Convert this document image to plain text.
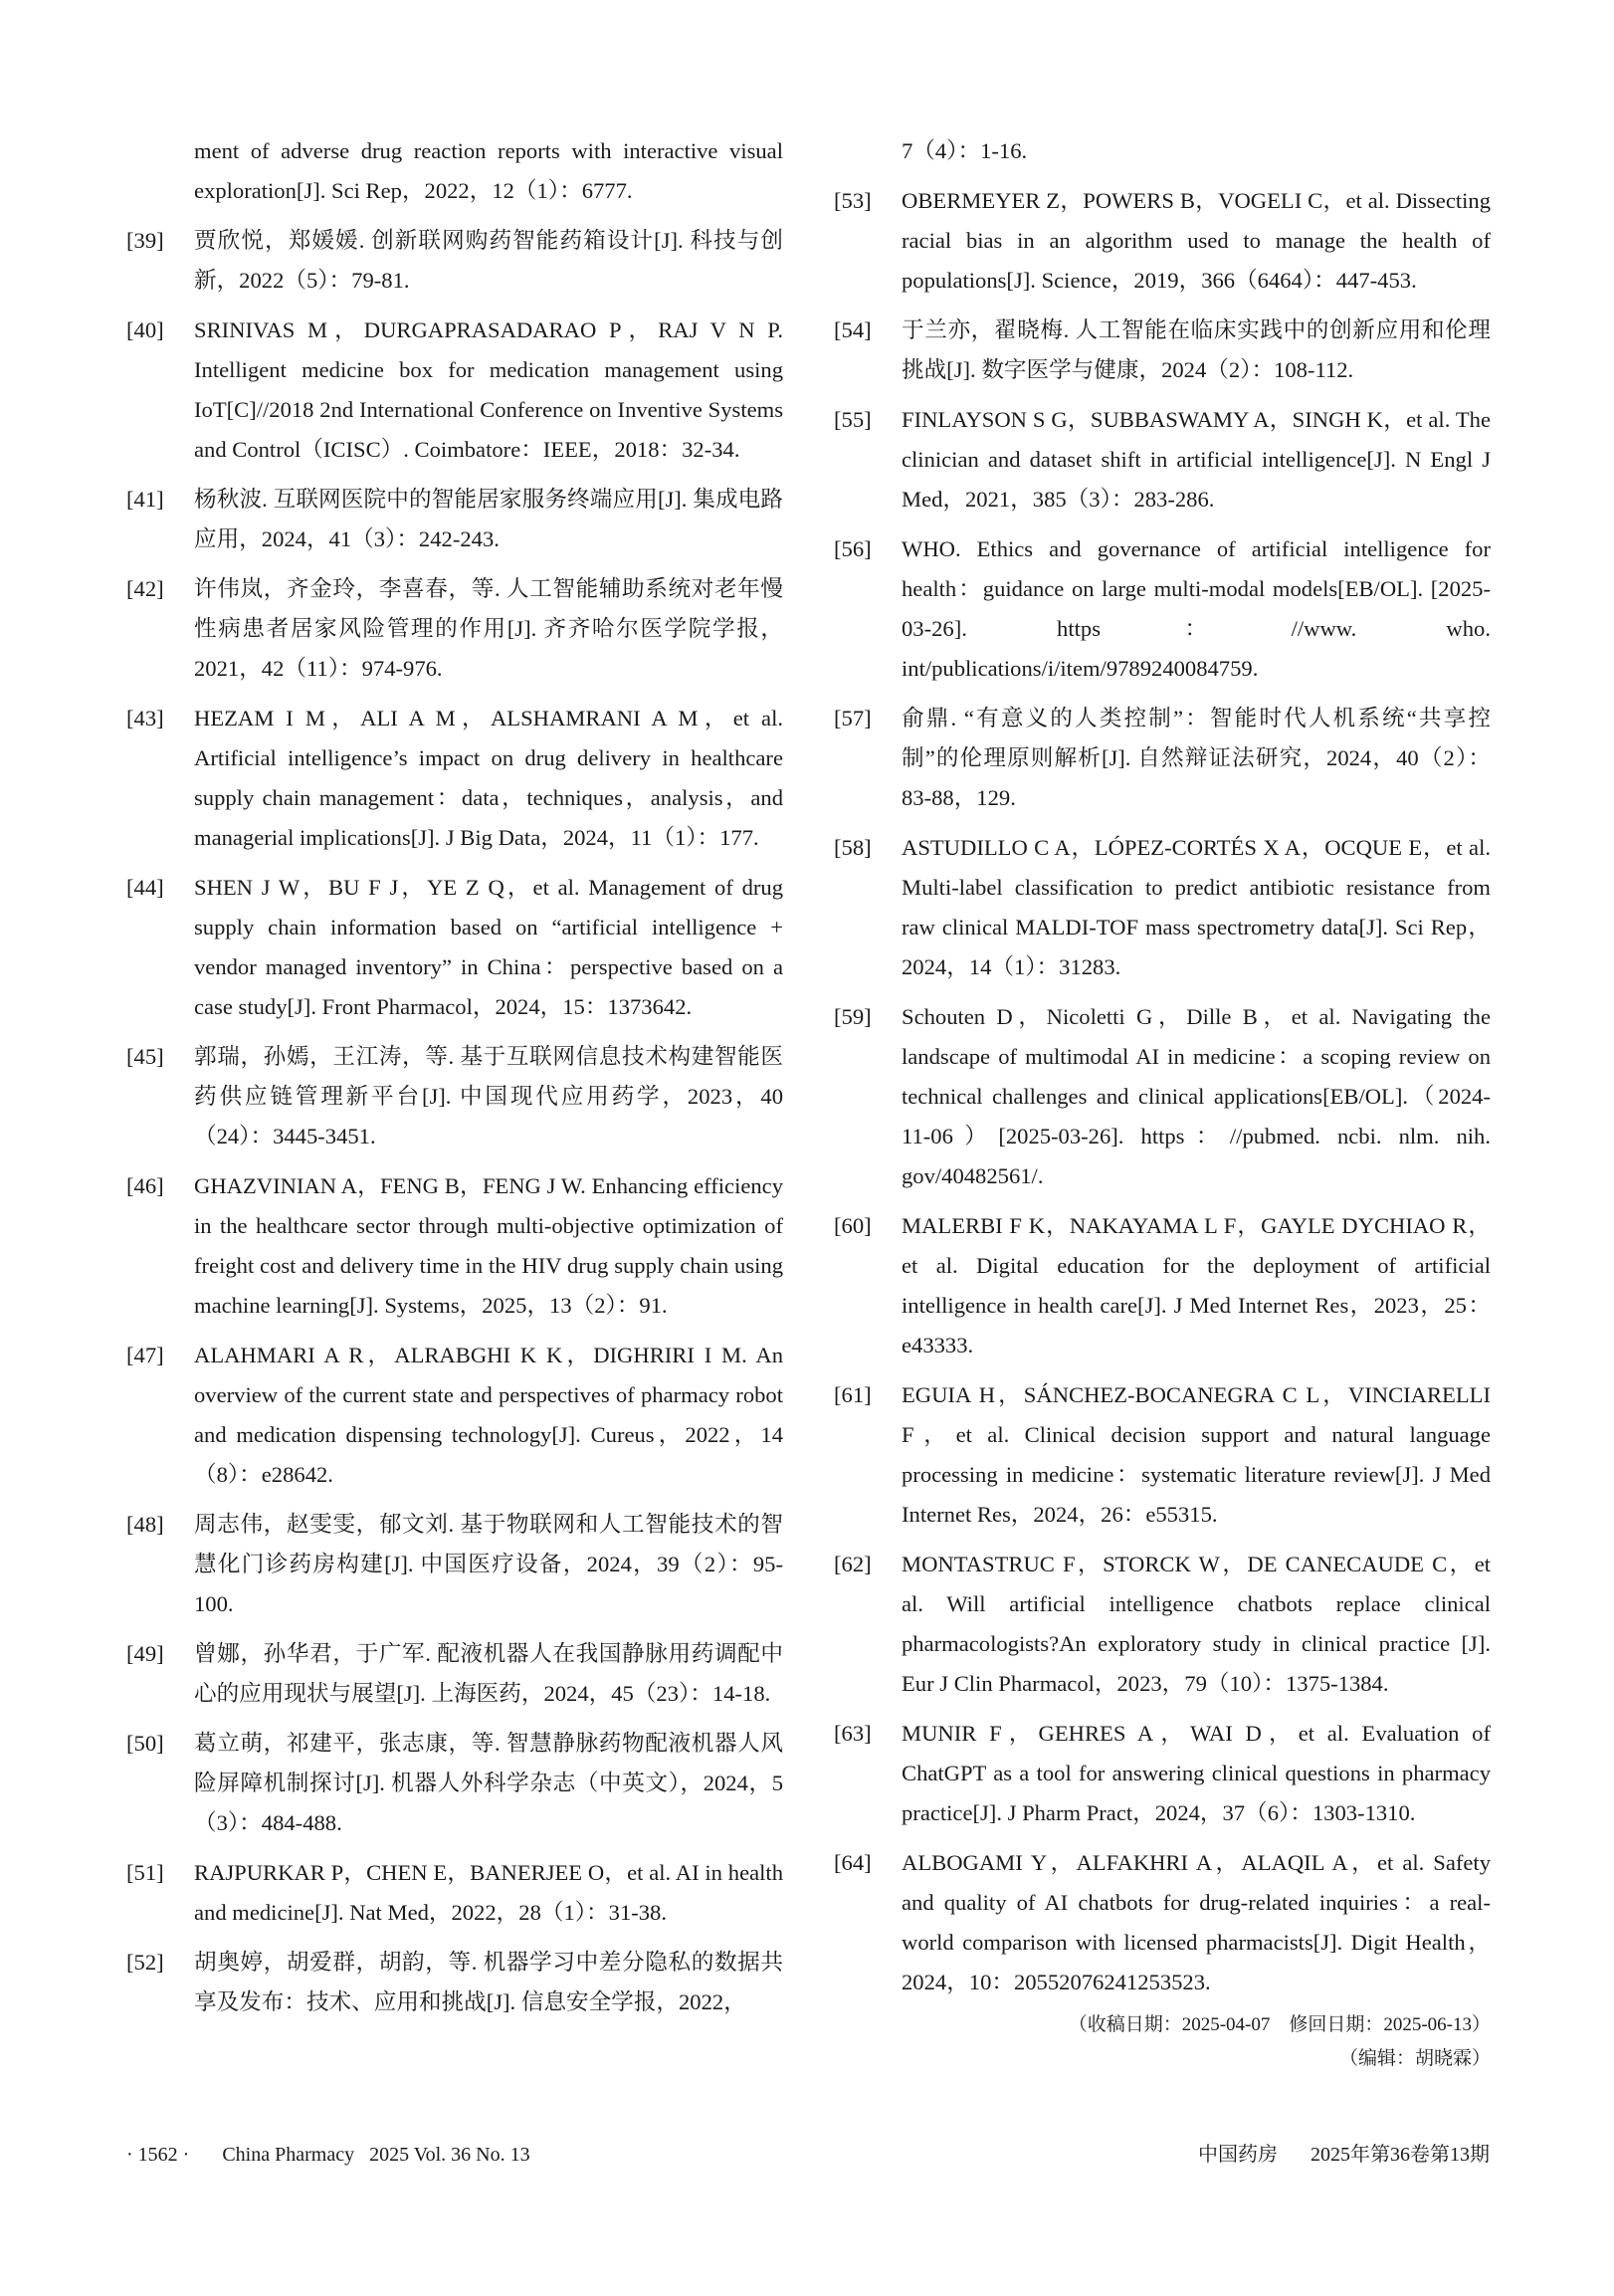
ment of adverse drug reaction reports with interactive visual exploration[J]. Sci Rep，2022，12（1）：6777.
[39] 贾欣悦，郑媛媛. 创新联网购药智能药箱设计[J]. 科技与创新，2022（5）：79-81.
[40] SRINIVAS M，DURGAPRASADARAO P，RAJ V N P. Intelligent medicine box for medication management using IoT[C]//2018 2nd International Conference on Inventive Systems and Control（ICISC）. Coimbatore：IEEE，2018：32-34.
[41] 杨秋波. 互联网医院中的智能居家服务终端应用[J]. 集成电路应用，2024，41（3）：242-243.
[42] 许伟岚，齐金玲，李喜春，等. 人工智能辅助系统对老年慢性病患者居家风险管理的作用[J]. 齐齐哈尔医学院学报，2021，42（11）：974-976.
[43] HEZAM I M，ALI A M，ALSHAMRANI A M，et al. Artificial intelligence’s impact on drug delivery in healthcare supply chain management：data，techniques，analysis，and managerial implications[J]. J Big Data，2024，11（1）：177.
[44] SHEN J W，BU F J，YE Z Q，et al. Management of drug supply chain information based on “artificial intelligence + vendor managed inventory” in China：perspective based on a case study[J]. Front Pharmacol，2024，15：1373642.
[45] 郭瑞，孙嫣，王江涛，等. 基于互联网信息技术构建智能医药供应链管理新平台[J]. 中国现代应用药学，2023，40（24）：3445-3451.
[46] GHAZVINIAN A，FENG B，FENG J W. Enhancing efficiency in the healthcare sector through multi-objective optimization of freight cost and delivery time in the HIV drug supply chain using machine learning[J]. Systems，2025，13（2）：91.
[47] ALAHMARI A R，ALRABGHI K K，DIGHRIRI I M. An overview of the current state and perspectives of pharmacy robot and medication dispensing technology[J]. Cureus，2022，14（8）：e28642.
[48] 周志伟，赵雯雯，郁文刘. 基于物联网和人工智能技术的智慧化门诊药房构建[J]. 中国医疗设备，2024，39（2）：95-100.
[49] 曾娜，孙华君，于广军. 配液机器人在我国静脉用药调配中心的应用现状与展望[J]. 上海医药，2024，45（23）：14-18.
[50] 葛立萌，祁建平，张志康，等. 智慧静脉药物配液机器人风险屏障机制探讨[J]. 机器人外科学杂志（中英文），2024，5（3）：484-488.
[51] RAJPURKAR P，CHEN E，BANERJEE O，et al. AI in health and medicine[J]. Nat Med，2022，28（1）：31-38.
[52] 胡奥婷，胡爱群，胡韵，等. 机器学习中差分隐私的数据共享及发布：技术、应用和挑战[J]. 信息安全学报，2022，
7（4）：1-16.
[53] OBERMEYER Z，POWERS B，VOGELI C，et al. Dissecting racial bias in an algorithm used to manage the health of populations[J]. Science，2019，366（6464）：447-453.
[54] 于兰亦，翟晓梅. 人工智能在临床实践中的创新应用和伦理挑战[J]. 数字医学与健康，2024（2）：108-112.
[55] FINLAYSON S G，SUBBASWAMY A，SINGH K，et al. The clinician and dataset shift in artificial intelligence[J]. N Engl J Med，2021，385（3）：283-286.
[56] WHO. Ethics and governance of artificial intelligence for health：guidance on large multi-modal models[EB/OL]. [2025-03-26]. https：//www. who. int/publications/i/item/9789240084759.
[57] 俞鼎. “有意义的人类控制”：智能时代人机系统“共享控制”的伦理原则解析[J]. 自然辩证法研究，2024，40（2）：83-88，129.
[58] ASTUDILLO C A，LÓPEZ-CORTÉS X A，OCQUE E，et al. Multi-label classification to predict antibiotic resistance from raw clinical MALDI-TOF mass spectrometry data[J]. Sci Rep，2024，14（1）：31283.
[59] Schouten D，Nicoletti G，Dille B，et al. Navigating the landscape of multimodal AI in medicine：a scoping review on technical challenges and clinical applications[EB/OL].（2024-11-06）[2025-03-26]. https：//pubmed. ncbi. nlm. nih. gov/40482561/.
[60] MALERBI F K，NAKAYAMA L F，GAYLE DYCHIAO R，et al. Digital education for the deployment of artificial intelligence in health care[J]. J Med Internet Res，2023，25：e43333.
[61] EGUIA H，SÁNCHEZ-BOCANEGRA C L，VINCIARELLI F，et al. Clinical decision support and natural language processing in medicine：systematic literature review[J]. J Med Internet Res，2024，26：e55315.
[62] MONTASTRUC F，STORCK W，DE CANECAUDE C，et al. Will artificial intelligence chatbots replace clinical pharmacologists?An exploratory study in clinical practice [J]. Eur J Clin Pharmacol，2023，79（10）：1375-1384.
[63] MUNIR F，GEHRES A，WAI D，et al. Evaluation of ChatGPT as a tool for answering clinical questions in pharmacy practice[J]. J Pharm Pract，2024，37（6）：1303-1310.
[64] ALBOGAMI Y，ALFAKHRI A，ALAQIL A，et al. Safety and quality of AI chatbots for drug-related inquiries：a real-world comparison with licensed pharmacists[J]. Digit Health，2024，10：20552076241253523.
（收稿日期：2025-04-07　修回日期：2025-06-13）
（编辑：胡晓霖）
· 1562 · China Pharmacy 2025 Vol. 36 No. 13	中国药房 2025年第36卷第13期
